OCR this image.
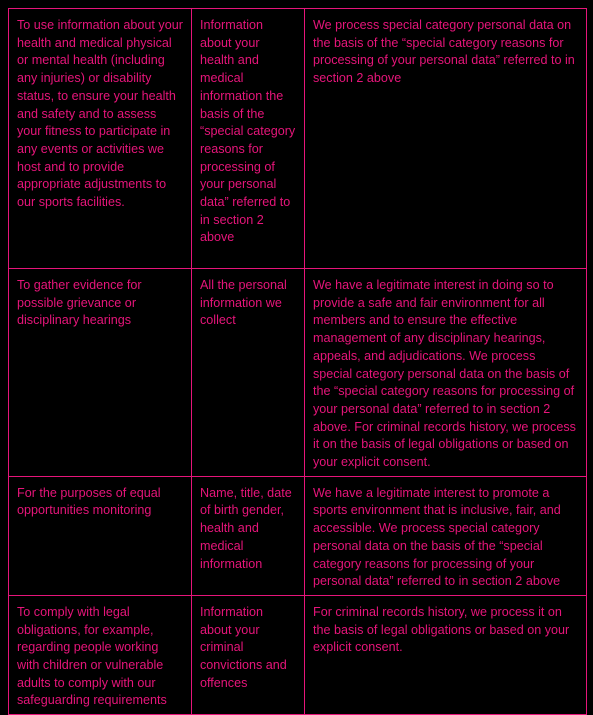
To use information about your health and medical physical or mental health (including any injuries) or disability status, to ensure your health and safety and to assess your fitness to participate in any events or activities we host and to provide appropriate adjustments to our sports facilities.	Information about your health and medical information the basis of the “special category reasons for processing of your personal data” referred to in section 2 above	We process special category personal data on the basis of the “special category reasons for processing of your personal data” referred to in section 2 above
To gather evidence for possible grievance or disciplinary hearings	All the personal information we collect	We have a legitimate interest in doing so to provide a safe and fair environment for all members and to ensure the effective management of any disciplinary hearings, appeals, and adjudications. We process special category personal data on the basis of the “special category reasons for processing of your personal data” referred to in section 2 above. For criminal records history, we process it on the basis of legal obligations or based on your explicit consent.
For the purposes of equal opportunities monitoring	Name, title, date of birth gender, health and medical information	We have a legitimate interest to promote a sports environment that is inclusive, fair, and accessible. We process special category personal data on the basis of the “special category reasons for processing of your personal data” referred to in section 2 above
To comply with legal obligations, for example, regarding people working with children or vulnerable adults to comply with our safeguarding requirements	Information about your criminal convictions and offences	For criminal records history, we process it on the basis of legal obligations or based on your explicit consent.
